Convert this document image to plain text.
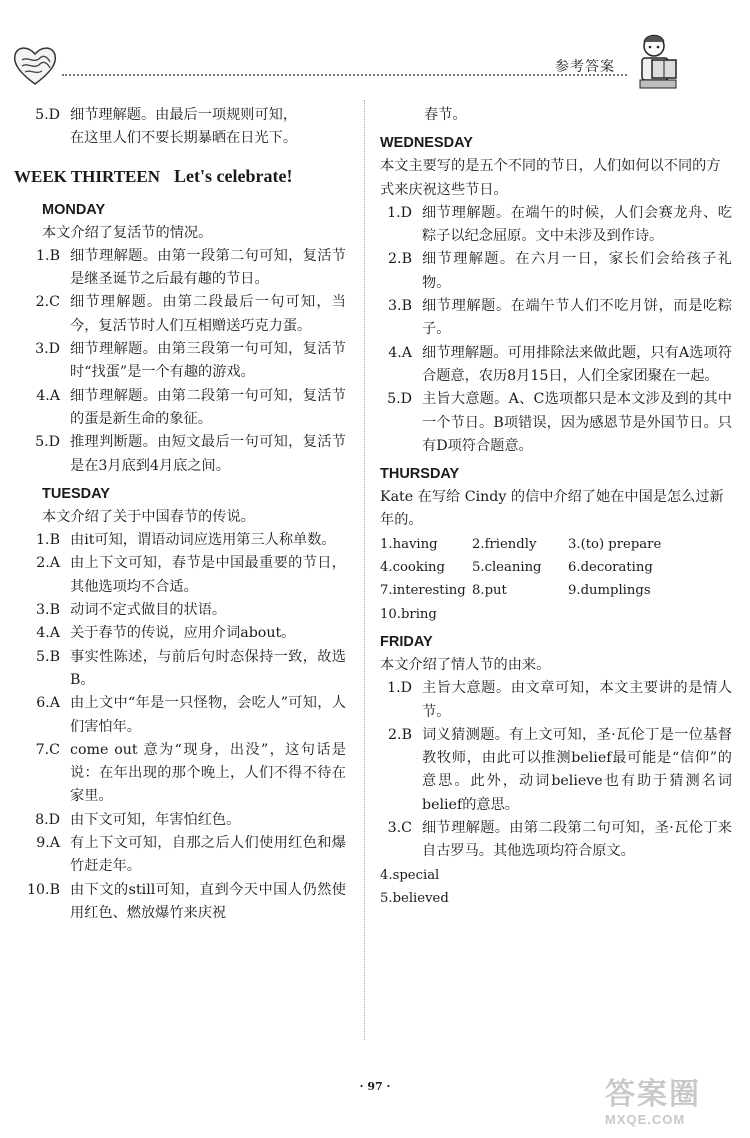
参考答案
5.D 细节理解题。由最后一项规则可知，
在这里人们不要长期暴晒在日光下。
WEEK THIRTEEN Let's celebrate!
MONDAY
本文介绍了复活节的情况。
1.B 细节理解题。由第一段第二句可知，复活节是继圣诞节之后最有趣的节日。
2.C 细节理解题。由第二段最后一句可知，当今，复活节时人们互相赠送巧克力蛋。
3.D 细节理解题。由第三段第一句可知，复活节时“找蛋”是一个有趣的游戏。
4.A 细节理解题。由第二段第一句可知，复活节的蛋是新生命的象征。
5.D 推理判断题。由短文最后一句可知，复活节是在3月底到4月底之间。
TUESDAY
本文介绍了关于中国春节的传说。
1.B 由it可知，谓语动词应选用第三人称单数。
2.A 由上下文可知，春节是中国最重要的节日，其他选项均不合适。
3.B 动词不定式做目的状语。
4.A 关于春节的传说，应用介词about。
5.B 事实性陈述，与前后句时态保持一致，故选B。
6.A 由上文中“年是一只怪物，会吃人”可知，人们害怕年。
7.C come out 意为“现身，出没”，这句话是说：在年出现的那个晚上，人们不得不待在家里。
8.D 由下文可知，年害怕红色。
9.A 有上下文可知，自那之后人们使用红色和爆竹赶走年。
10.B 由下文的still可知，直到今天中国人仍然使用红色、燃放爆竹来庆祝
春节。
WEDNESDAY
本文主要写的是五个不同的节日，人们如何以不同的方式来庆祝这些节日。
1.D 细节理解题。在端午的时候，人们会赛龙舟、吃粽子以纪念屈原。文中未涉及到作诗。
2.B 细节理解题。在六月一日，家长们会给孩子礼物。
3.B 细节理解题。在端午节人们不吃月饼，而是吃粽子。
4.A 细节理解题。可用排除法来做此题，只有A选项符合题意，农历8月15日，人们全家团聚在一起。
5.D 主旨大意题。A、C选项都只是本文涉及到的其中一个节日。B项错误，因为感恩节是外国节日。只有D项符合题意。
THURSDAY
Kate 在写给 Cindy 的信中介绍了她在中国是怎么过新年的。
1.having	2.friendly	3.(to) prepare
4.cooking	5.cleaning	6.decorating
7.interesting 8.put	9.dumplings
10.bring
FRIDAY
本文介绍了情人节的由来。
1.D 主旨大意题。由文章可知，本文主要讲的是情人节。
2.B 词义猜测题。有上文可知，圣·瓦伦丁是一位基督教牧师，由此可以推测belief最可能是“信仰”的意思。此外，动词believe也有助于猜测名词belief的意思。
3.C 细节理解题。由第二段第二句可知，圣·瓦伦丁来自古罗马。其他选项均符合原文。
4.special
5.believed
· 97 ·	答案圈
MXQE.COM
